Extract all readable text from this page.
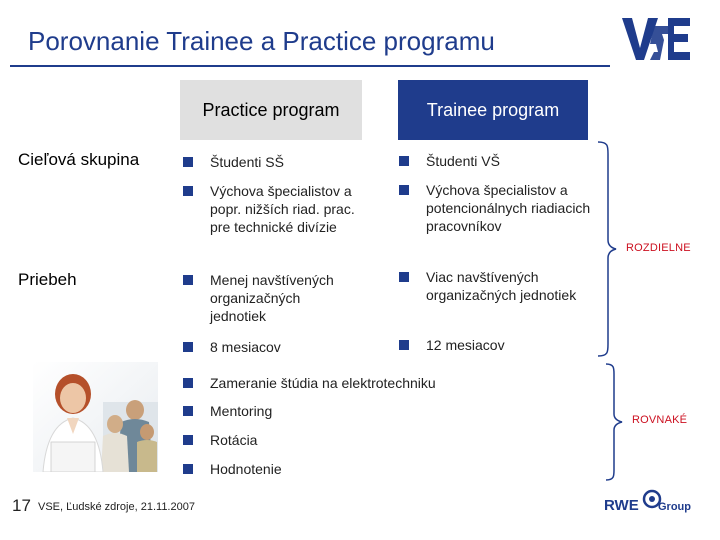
Porovnanie Trainee a Practice programu
Practice program	Trainee program
Cieľová skupina
Priebeh
Študenti SŠ
Výchova špecialistov a popr. nižších riad. prac. pre technické divízie
Menej navštívených organizačných jednotiek
8 mesiacov
Študenti VŠ
Výchova špecialistov a potencionálnych riadiacich pracovníkov
Viac navštívených organizačných jednotiek
12 mesiacov
Zameranie štúdia na elektrotechniku
Mentoring
Rotácia
Hodnotenie
ROZDIELNE
ROVNAKÉ
17 VSE, Ľudské zdroje, 21.11.2007	RWE Group
